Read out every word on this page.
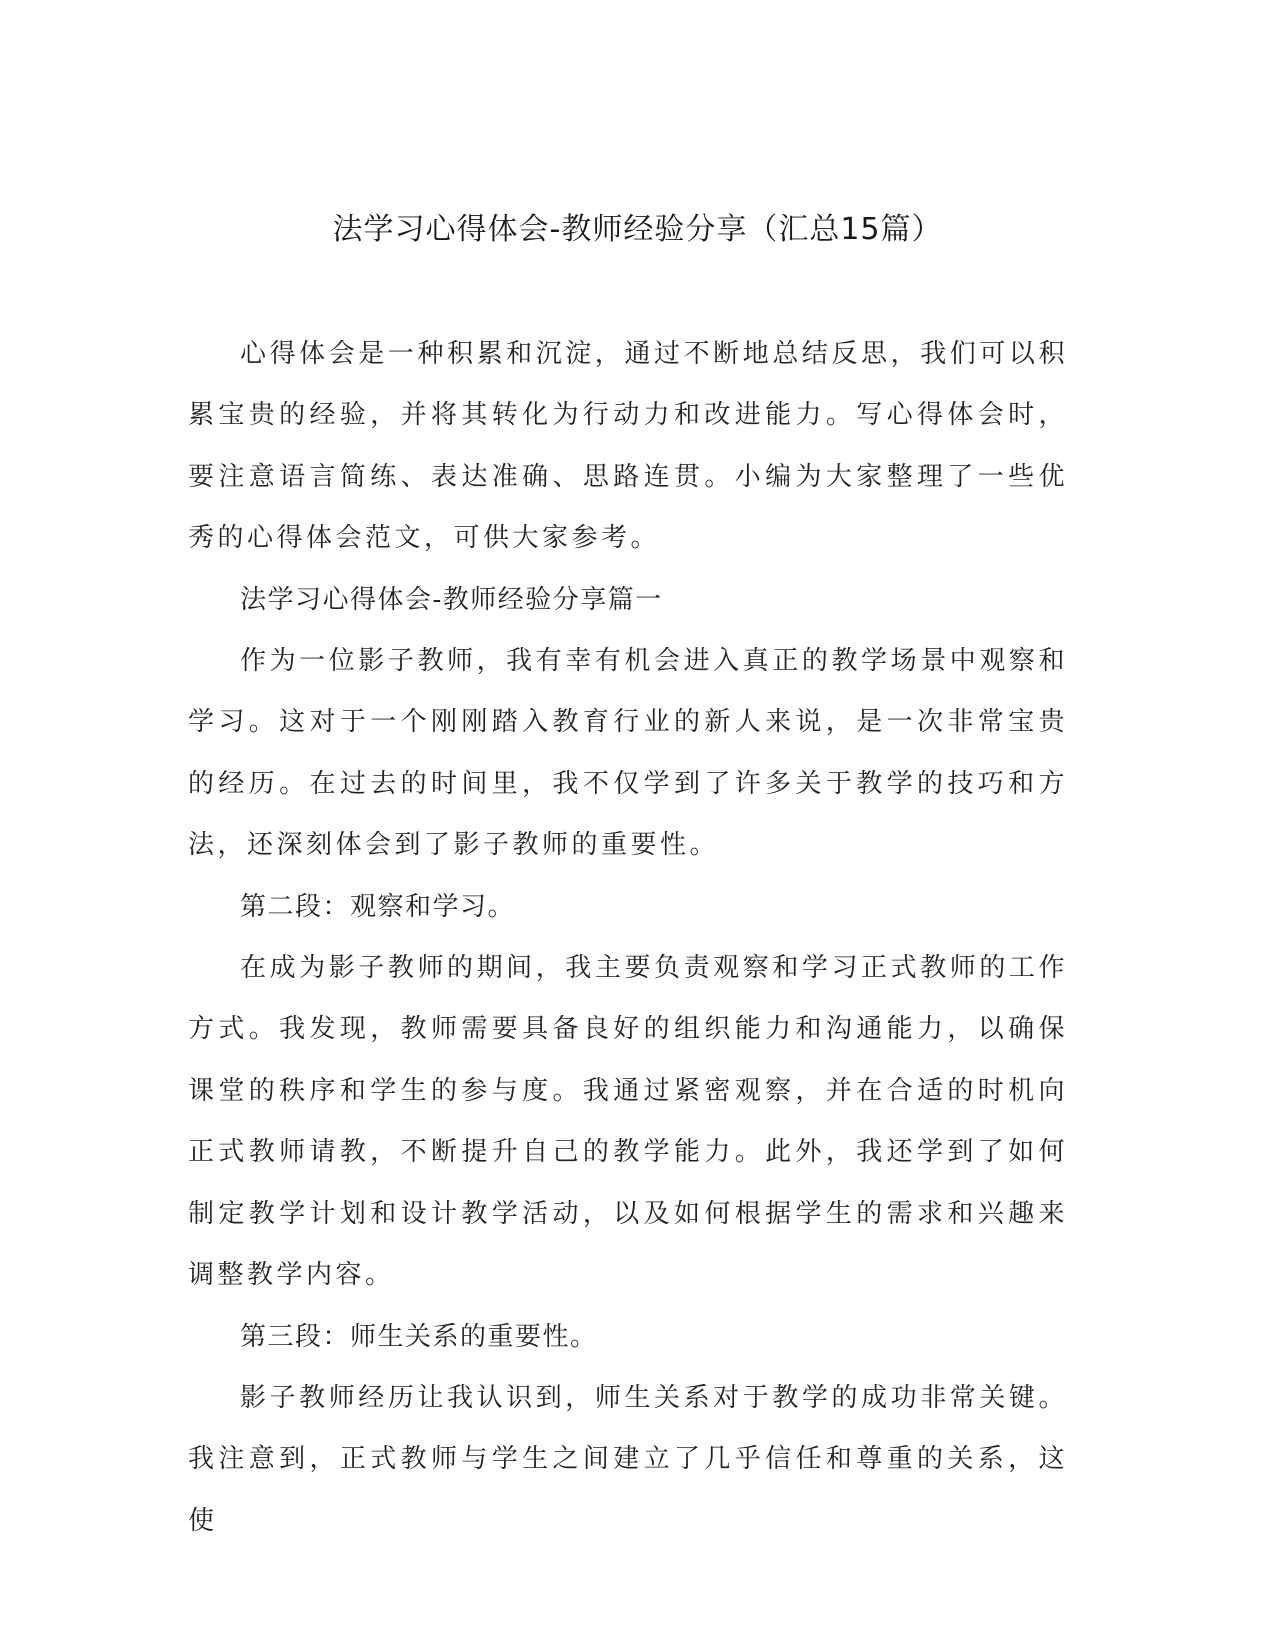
法学习心得体会-教师经验分享（汇总15篇）

心得体会是一种积累和沉淀，通过不断地总结反思，我们可以积累宝贵的经验，并将其转化为行动力和改进能力。写心得体会时，要注意语言简练、表达准确、思路连贯。小编为大家整理了一些优秀的心得体会范文，可供大家参考。

法学习心得体会-教师经验分享篇一

作为一位影子教师，我有幸有机会进入真正的教学场景中观察和学习。这对于一个刚刚踏入教育行业的新人来说，是一次非常宝贵的经历。在过去的时间里，我不仅学到了许多关于教学的技巧和方法，还深刻体会到了影子教师的重要性。

第二段：观察和学习。

在成为影子教师的期间，我主要负责观察和学习正式教师的工作方式。我发现，教师需要具备良好的组织能力和沟通能力，以确保课堂的秩序和学生的参与度。我通过紧密观察，并在合适的时机向正式教师请教，不断提升自己的教学能力。此外，我还学到了如何制定教学计划和设计教学活动，以及如何根据学生的需求和兴趣来调整教学内容。

第三段：师生关系的重要性。

影子教师经历让我认识到，师生关系对于教学的成功非常关键。我注意到，正式教师与学生之间建立了几乎信任和尊重的关系，这使
